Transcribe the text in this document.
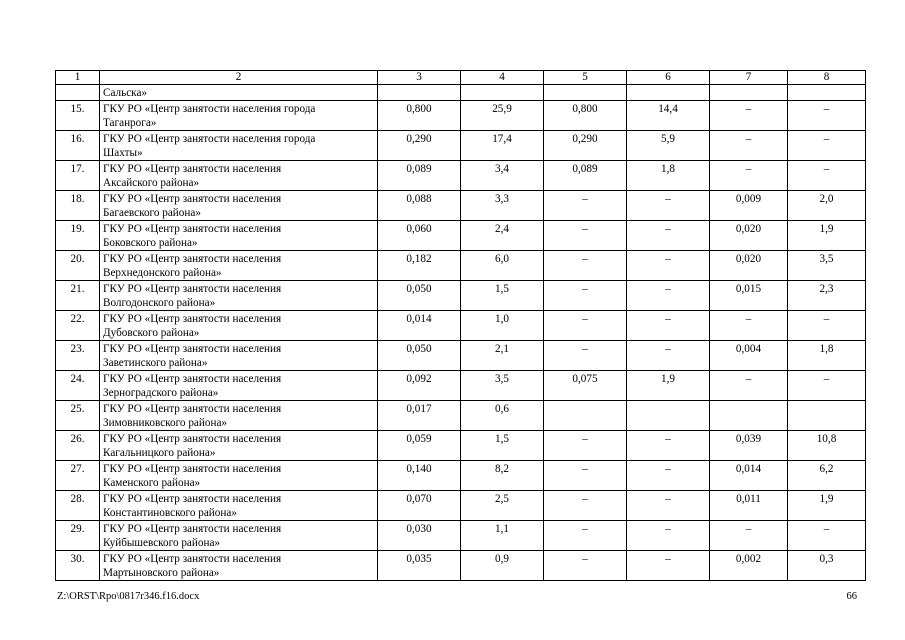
1	2	3	4	5	6	7	8
	Сальска»						
15.	ГКУ РО «Центр занятости населения города
Таганрога»	0,800	25,9	0,800	14,4	–	–
16.	ГКУ РО «Центр занятости населения города
Шахты»	0,290	17,4	0,290	5,9	–	–
17.	ГКУ РО «Центр занятости населения
Аксайского района»	0,089	3,4	0,089	1,8	–	–
18.	ГКУ РО «Центр занятости населения
Багаевского района»	0,088	3,3	–	–	0,009	2,0
19.	ГКУ РО «Центр занятости населения
Боковского района»	0,060	2,4	–	–	0,020	1,9
20.	ГКУ РО «Центр занятости населения
Верхнедонского района»	0,182	6,0	–	–	0,020	3,5
21.	ГКУ РО «Центр занятости населения
Волгодонского района»	0,050	1,5	–	–	0,015	2,3
22.	ГКУ РО «Центр занятости населения
Дубовского района»	0,014	1,0	–	–	–	–
23.	ГКУ РО «Центр занятости населения
Заветинского района»	0,050	2,1	–	–	0,004	1,8
24.	ГКУ РО «Центр занятости населения
Зерноградского района»	0,092	3,5	0,075	1,9	–	–
25.	ГКУ РО «Центр занятости населения
Зимовниковского района»	0,017	0,6				
26.	ГКУ РО «Центр занятости населения
Кагальницкого района»	0,059	1,5	–	–	0,039	10,8
27.	ГКУ РО «Центр занятости населения
Каменского района»	0,140	8,2	–	–	0,014	6,2
28.	ГКУ РО «Центр занятости населения
Константиновского района»	0,070	2,5	–	–	0,011	1,9
29.	ГКУ РО «Центр занятости населения
Куйбышевского района»	0,030	1,1	–	–	–	–
30.	ГКУ РО «Центр занятости населения
Мартыновского района»	0,035	0,9	–	–	0,002	0,3
Z:\ORST\Rpo\0817r346.f16.docx	66
